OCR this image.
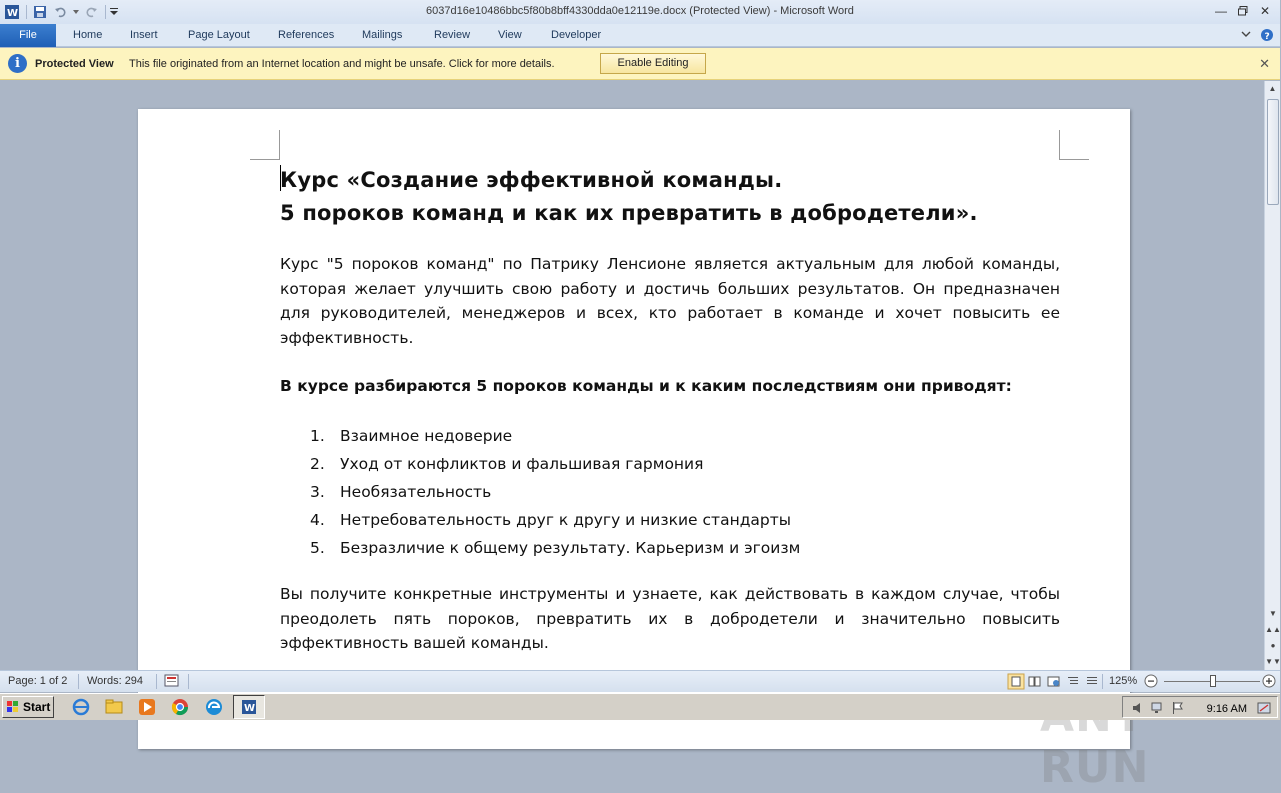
W	6037d16e10486bbc5f80b8bff4330dda0e12119e.docx (Protected View) - Microsoft Word	—	✕
File	Home	Insert	Page Layout	References	Mailings	Review	View	Developer	?
i	Protected View This file originated from an Internet location and might be unsafe. Click for more details.	Enable Editing	✕
Курс «Создание эффективной команды.
5 пороков команд и как их превратить в добродетели».
Курс "5 пороков команд" по Патрику Ленсионе является актуальным для любой команды, которая желает улучшить свою работу и достичь больших результатов. Он предназначен для руководителей, менеджеров и всех, кто работает в команде и хочет повысить ее эффективность.
В курсе разбираются 5 пороков команды и к каким последствиям они приводят:
1. Взаимное недоверие
2. Уход от конфликтов и фальшивая гармония
3. Необязательность
4. Нетребовательность друг к другу и низкие стандарты
5. Безразличие к общему результату. Карьеризм и эгоизм
Вы получите конкретные инструменты и узнаете, как действовать в каждом случае, чтобы преодолеть пять пороков, превратить их в добродетели и значительно повысить эффективность вашей команды.
RUN
▲
▼
▲▲
●
▼▼
Page: 1 of 2 Words: 294	125%
Start	W	9:16 AM
